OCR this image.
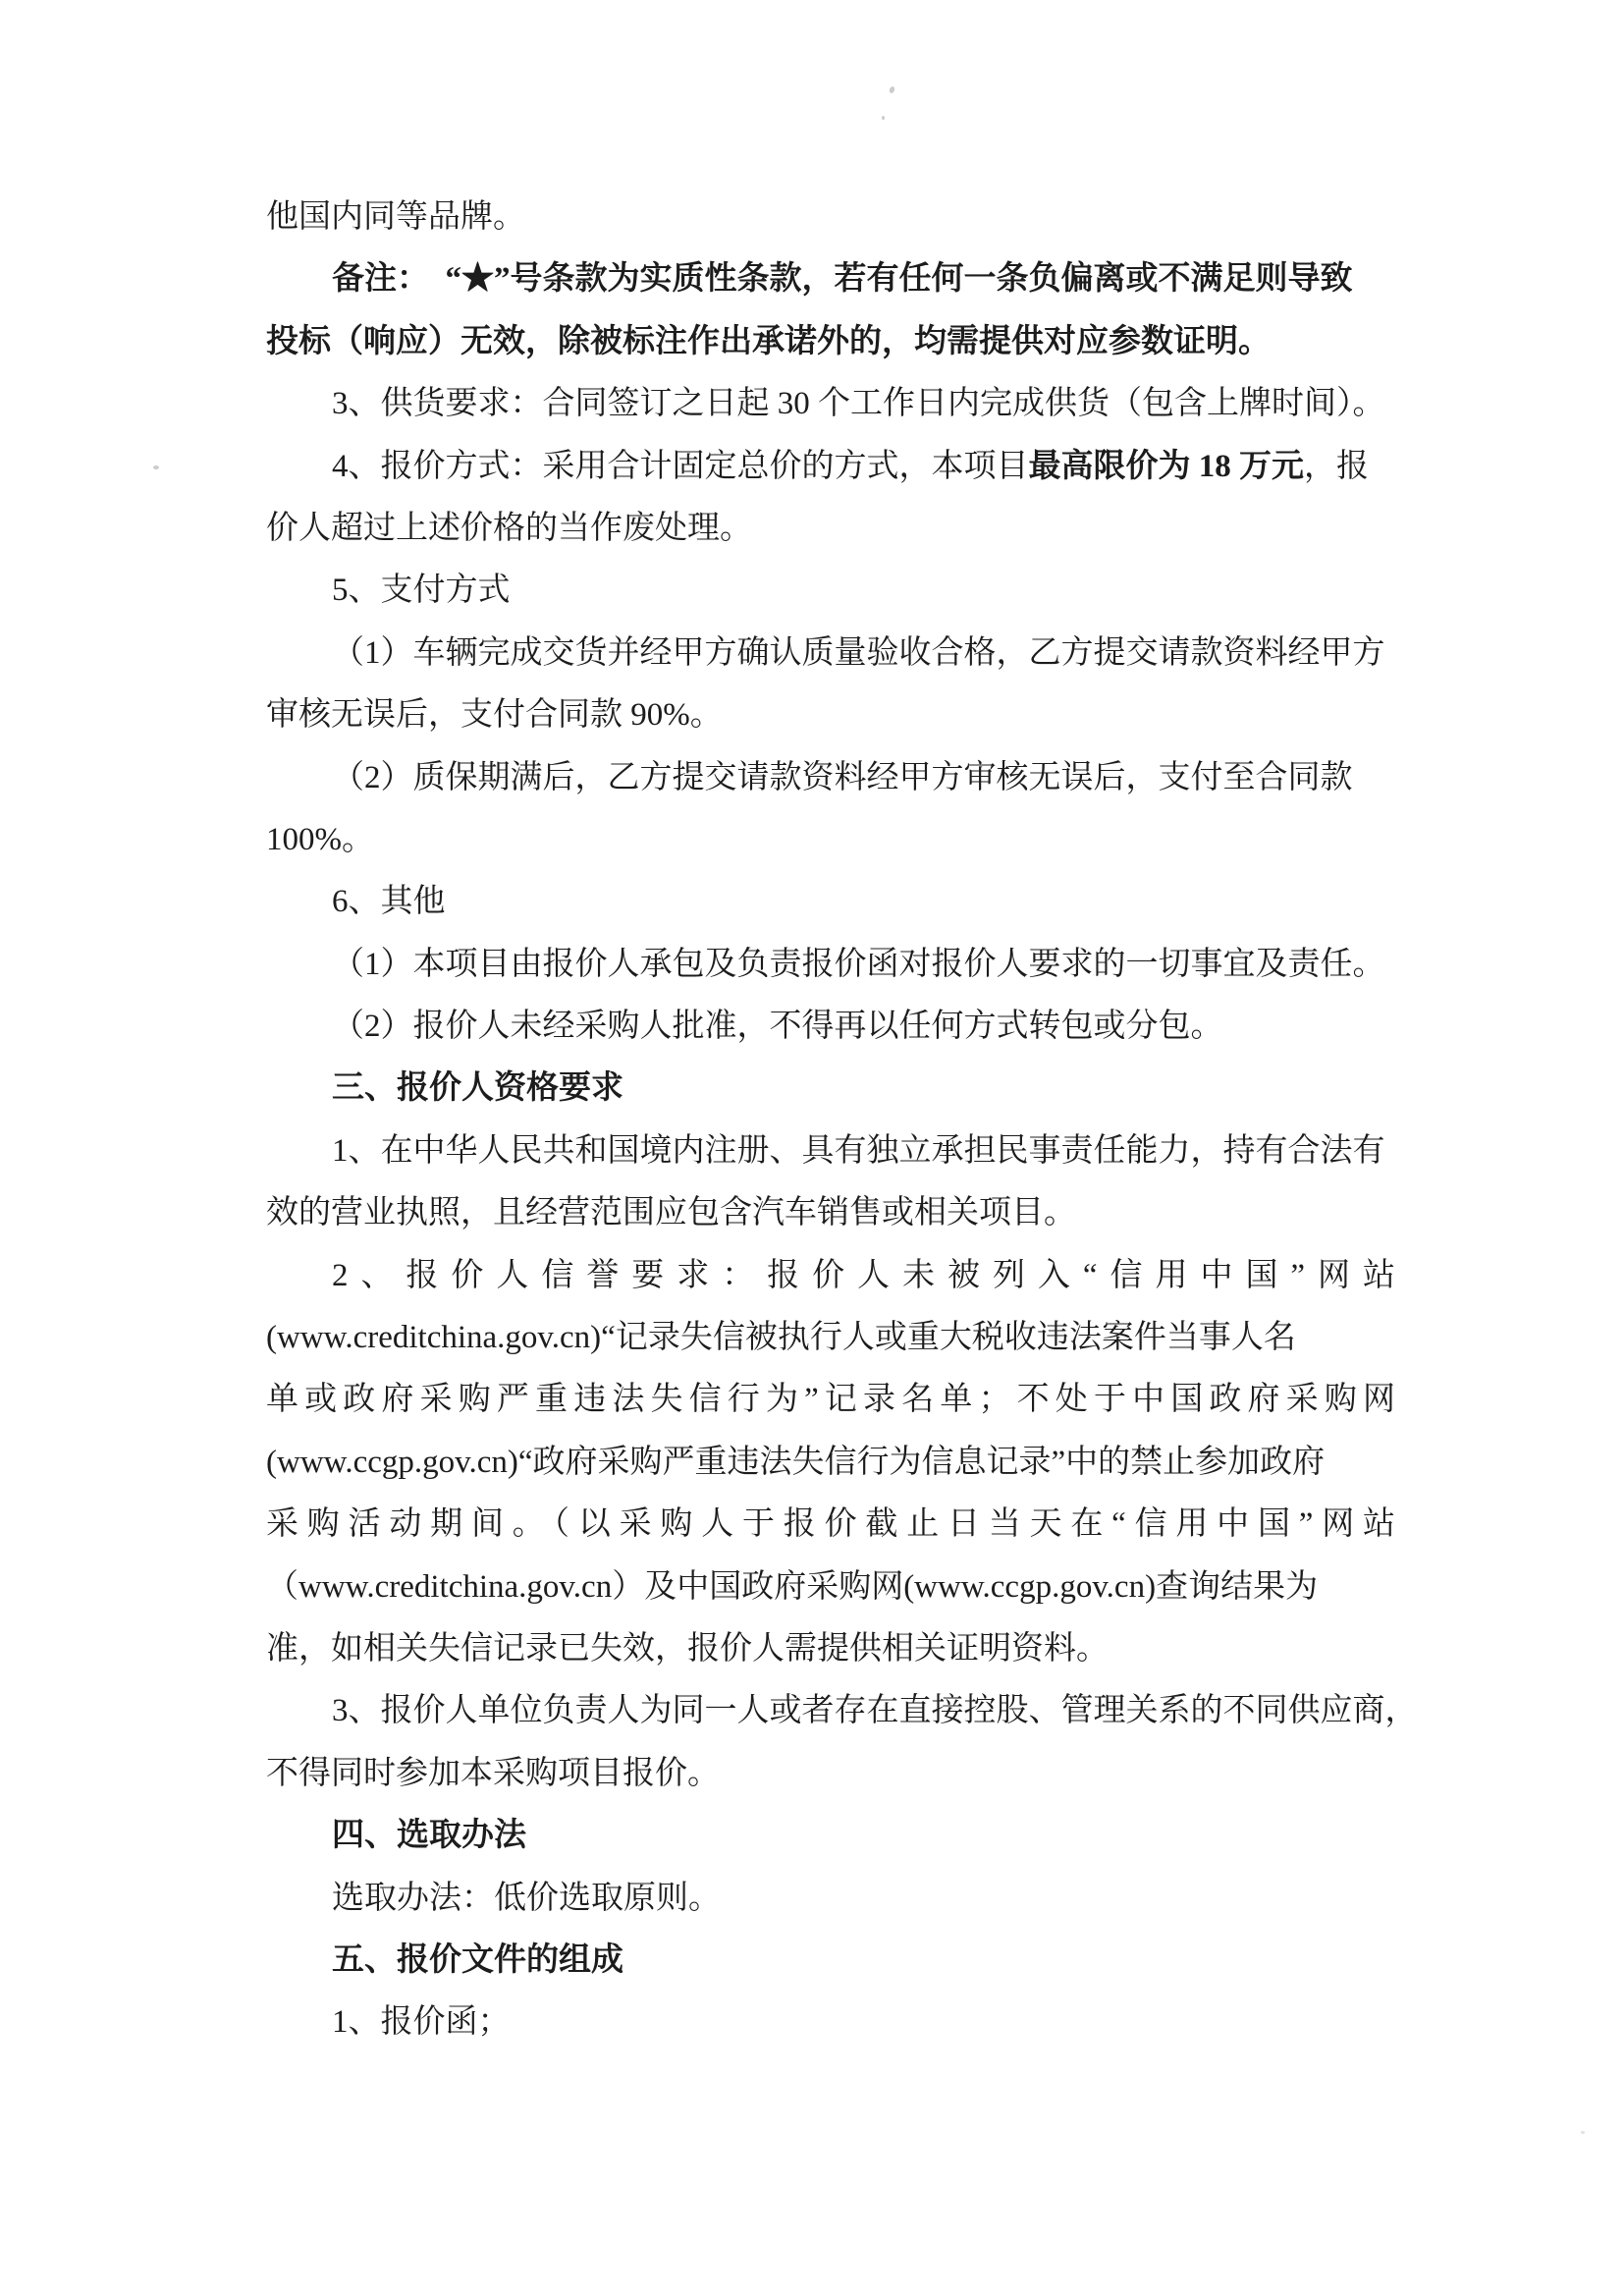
他国内同等品牌。
备注：　“★”号条款为实质性条款，若有任何一条负偏离或不满足则导致
投标（响应）无效，除被标注作出承诺外的，均需提供对应参数证明。
3、供货要求：合同签订之日起 30 个工作日内完成供货（包含上牌时间）。
4、报价方式：采用合计固定总价的方式，本项目最高限价为 18 万元，报
价人超过上述价格的当作废处理。
5、支付方式
（1）车辆完成交货并经甲方确认质量验收合格，乙方提交请款资料经甲方
审核无误后，支付合同款 90%。
（2）质保期满后，乙方提交请款资料经甲方审核无误后，支付至合同款
100%。
6、其他
（1）本项目由报价人承包及负责报价函对报价人要求的一切事宜及责任。
（2）报价人未经采购人批准，不得再以任何方式转包或分包。
三、报价人资格要求
1、在中华人民共和国境内注册、具有独立承担民事责任能力，持有合法有
效的营业执照，且经营范围应包含汽车销售或相关项目。
2、报价人信誉要求：报价人未被列入“信用中国”网站
(www.creditchina.gov.cn)“记录失信被执行人或重大税收违法案件当事人名
单或政府采购严重违法失信行为”记录名单；不处于中国政府采购网
(www.ccgp.gov.cn)“政府采购严重违法失信行为信息记录”中的禁止参加政府
采购活动期间。（以采购人于报价截止日当天在“信用中国”网站
（www.creditchina.gov.cn）及中国政府采购网(www.ccgp.gov.cn)查询结果为
准，如相关失信记录已失效，报价人需提供相关证明资料。
3、报价人单位负责人为同一人或者存在直接控股、管理关系的不同供应商，
不得同时参加本采购项目报价。
四、选取办法
选取办法：低价选取原则。
五、报价文件的组成
1、报价函；
